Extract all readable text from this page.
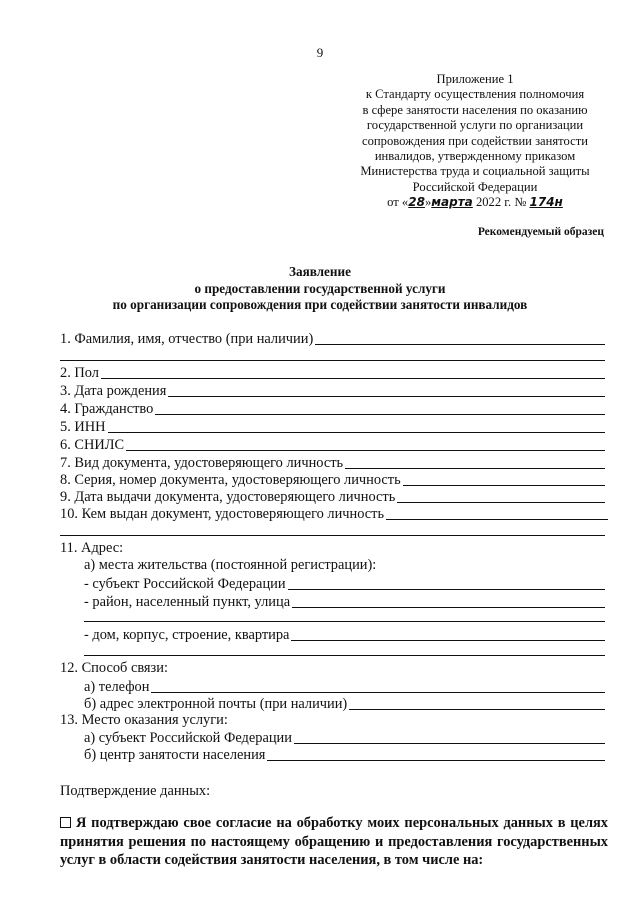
9
Приложение 1
к Стандарту осуществления полномочия
в сфере занятости населения по оказанию
государственной услуги по организации
сопровождения при содействии занятости
инвалидов, утвержденному приказом
Министерства труда и социальной защиты
Российской Федерации
от «28»марта 2022 г. № 174н
Рекомендуемый образец
Заявление
о предоставлении государственной услуги
по организации сопровождения при содействии занятости инвалидов
1. Фамилия, имя, отчество (при наличии)
2. Пол
3. Дата рождения
4. Гражданство
5. ИНН
6. СНИЛС
7. Вид документа, удостоверяющего личность
8. Серия, номер документа, удостоверяющего личность
9. Дата выдачи документа, удостоверяющего личность
10. Кем выдан документ, удостоверяющего личность
11. Адрес:
а) места жительства (постоянной регистрации):
- субъект Российской Федерации
- район, населенный пункт, улица
- дом, корпус, строение, квартира
12. Способ связи:
а) телефон
б) адрес электронной почты (при наличии)
13. Место оказания услуги:
а) субъект Российской Федерации
б) центр занятости населения
Подтверждение данных:
Я подтверждаю свое согласие на обработку моих персональных данных в целях принятия решения по настоящему обращению и предоставления государственных услуг в области содействия занятости населения, в том числе на:
